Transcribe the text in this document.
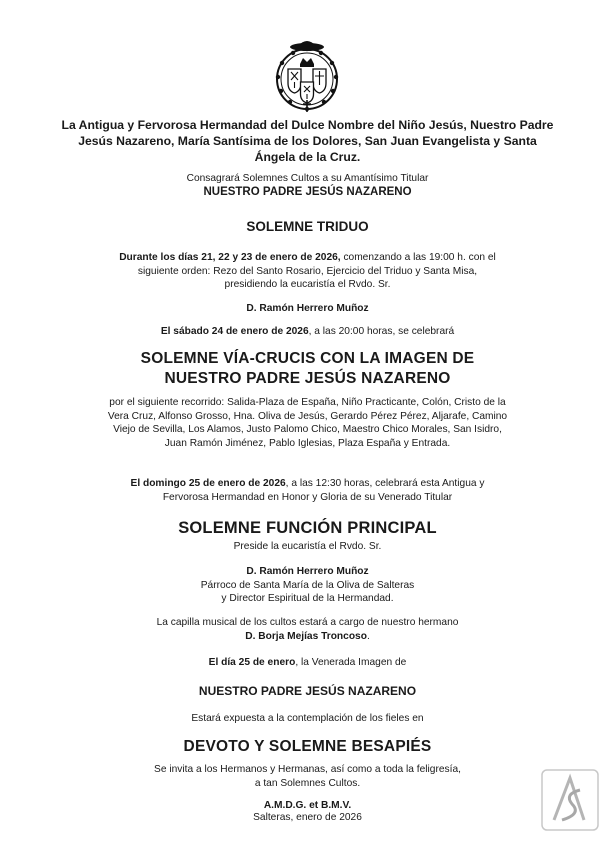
La Antigua y Fervorosa Hermandad del Dulce Nombre del Niño Jesús, Nuestro Padre Jesús Nazareno, María Santísima de los Dolores, San Juan Evangelista y Santa Ángela de la Cruz.
Consagrará Solemnes Cultos a su Amantísimo Titular
NUESTRO PADRE JESÚS NAZARENO
SOLEMNE TRIDUO
Durante los días 21, 22 y 23 de enero de 2026, comenzando a las 19:00 h. con el siguiente orden: Rezo del Santo Rosario, Ejercicio del Triduo y Santa Misa, presidiendo la eucaristía el Rvdo. Sr.
D. Ramón Herrero Muñoz
El sábado 24 de enero de 2026, a las 20:00 horas, se celebrará
SOLEMNE VÍA-CRUCIS CON LA IMAGEN DE
NUESTRO PADRE JESÚS NAZARENO
por el siguiente recorrido: Salida-Plaza de España, Niño Practicante, Colón, Cristo de la Vera Cruz, Alfonso Grosso, Hna. Oliva de Jesús, Gerardo Pérez Pérez, Aljarafe, Camino Viejo de Sevilla, Los Alamos, Justo Palomo Chico, Maestro Chico Morales, San Isidro, Juan Ramón Jiménez, Pablo Iglesias, Plaza España y Entrada.
El domingo 25 de enero de 2026, a las 12:30 horas, celebrará esta Antigua y Fervorosa Hermandad en Honor y Gloria de su Venerado Titular
SOLEMNE FUNCIÓN PRINCIPAL
Preside la eucaristía el Rvdo. Sr.
D. Ramón Herrero Muñoz
Párroco de Santa María de la Oliva de Salteras
y Director Espiritual de la Hermandad.
La capilla musical de los cultos estará a cargo de nuestro hermano
D. Borja Mejías Troncoso.
El día 25 de enero, la Venerada Imagen de
NUESTRO PADRE JESÚS NAZARENO
Estará expuesta a la contemplación de los fieles en
DEVOTO Y SOLEMNE BESAPIÉS
Se invita a los Hermanos y Hermanas, así como a toda la feligresía,
a tan Solemnes Cultos.
A.M.D.G. et B.M.V.
Salteras, enero de 2026
